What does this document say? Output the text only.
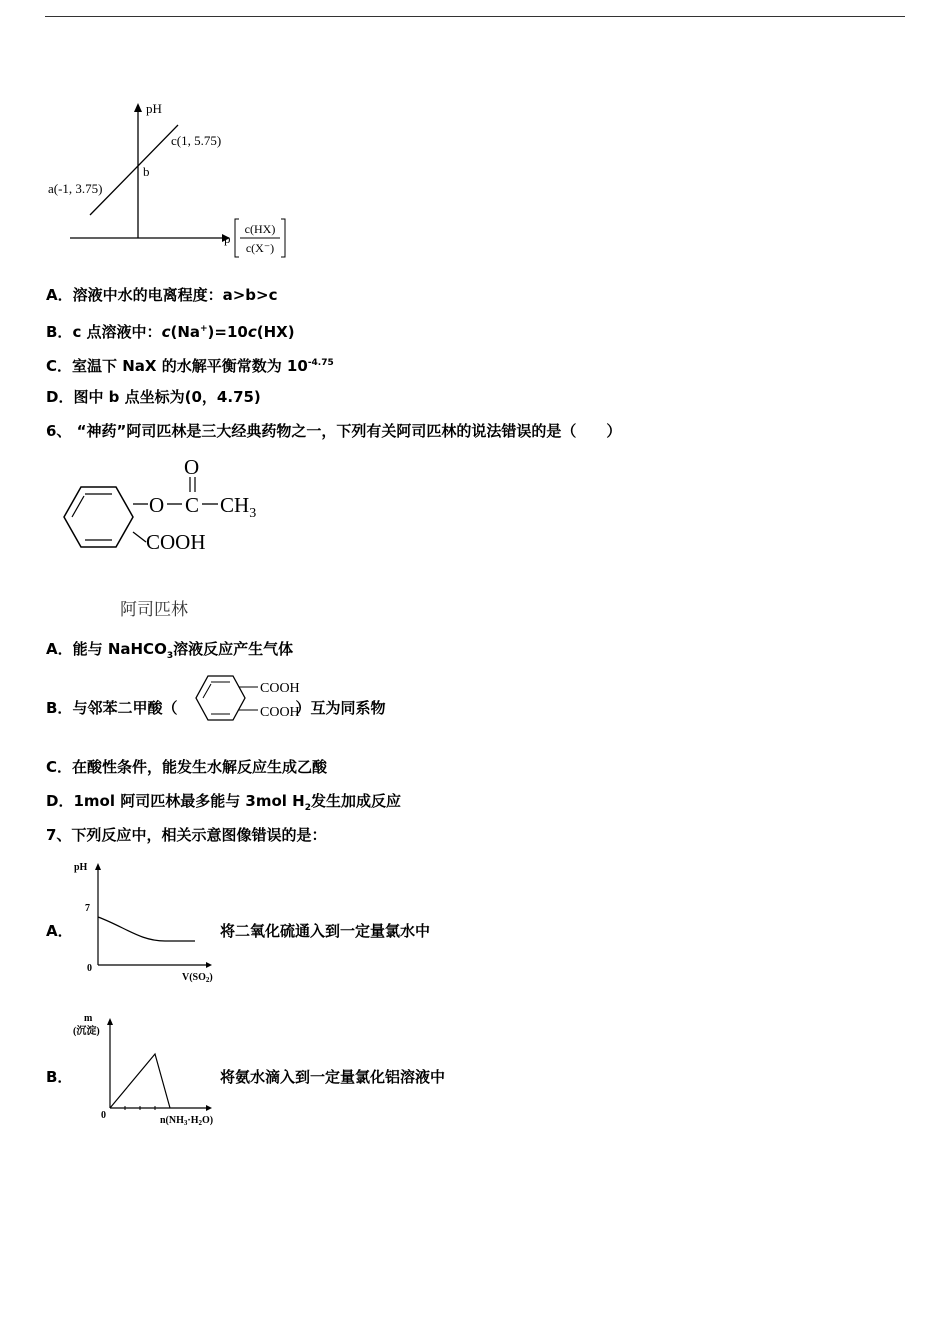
pH
c(1, 5.75)
b
a(-1, 3.75)
p
c(HX)
c(X⁻)
A．溶液中水的电离程度：a>b>c
B．c 点溶液中：c(Na+)=10c(HX)
C．室温下 NaX 的水解平衡常数为 $10^{-4.75}$
D．图中 b 点坐标为(0，4.75)
6、 “神药”阿司匹林是三大经典药物之一，下列有关阿司匹林的说法错误的是（　　）
O C
O
$CH_3$
COOH
阿司匹林
A．能与 NaHCO$_3$溶液反应产生气体
B．与邻苯二甲酸（	）互为同系物
COOH
COOH
C．在酸性条件，能发生水解反应生成乙酸
D．1mol 阿司匹林最多能与 3mol $H_2$发生加成反应
7、下列反应中，相关示意图像错误的是：
A．
pH
7
0
$V(SO_2)$
将二氧化硫通入到一定量氯水中
B．
m
(沉淀)
0	$n(NH_3\cdot H_2O)$
将氨水滴入到一定量氯化铝溶液中
